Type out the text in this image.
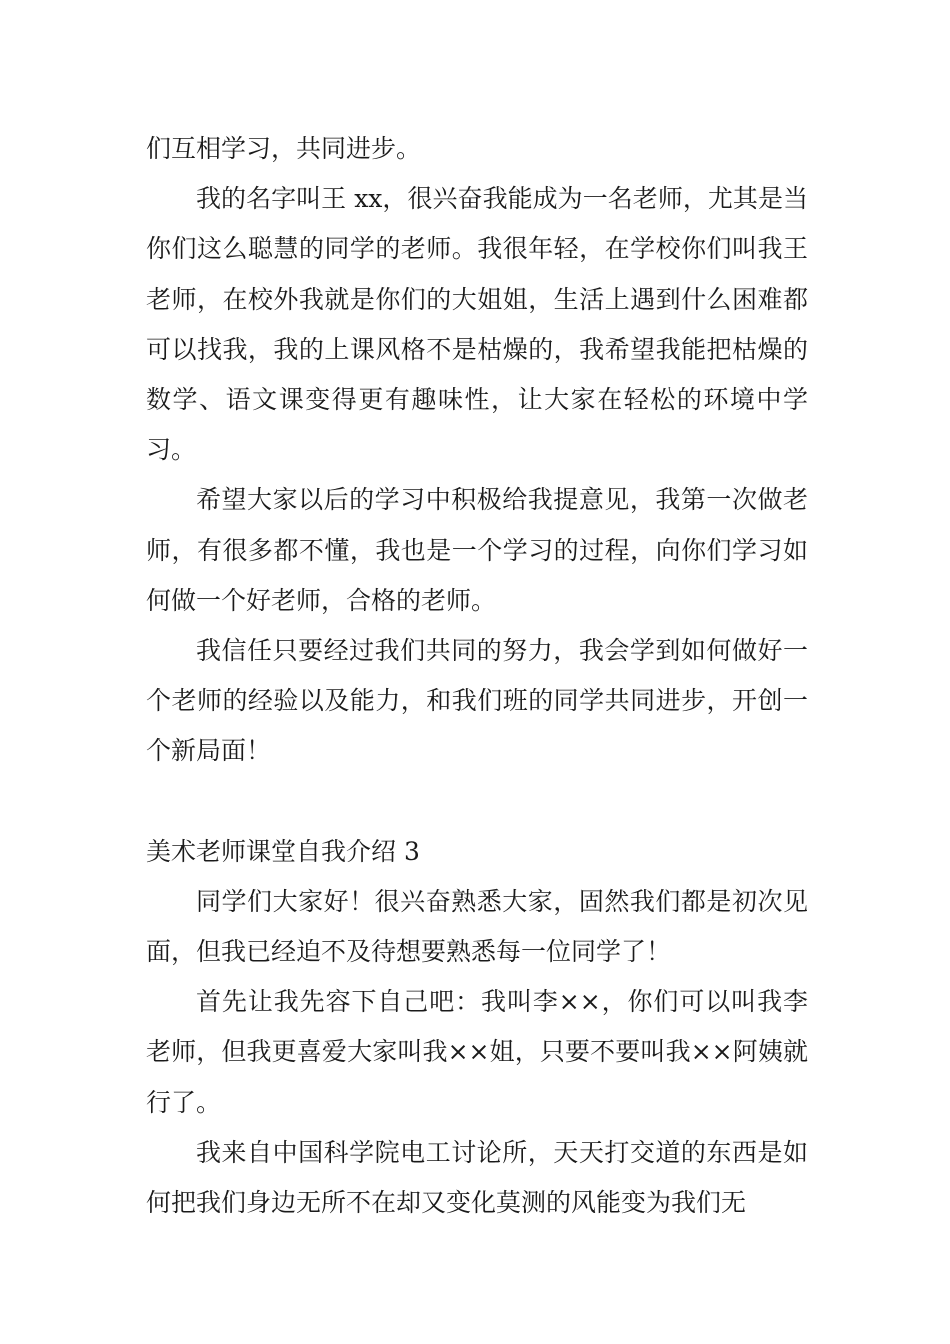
们互相学习，共同进步。

我的名字叫王 xx，很兴奋我能成为一名老师，尤其是当你们这么聪慧的同学的老师。我很年轻，在学校你们叫我王老师，在校外我就是你们的大姐姐，生活上遇到什么困难都可以找我，我的上课风格不是枯燥的，我希望我能把枯燥的数学、语文课变得更有趣味性，让大家在轻松的环境中学习。

希望大家以后的学习中积极给我提意见，我第一次做老师，有很多都不懂，我也是一个学习的过程，向你们学习如何做一个好老师，合格的老师。

我信任只要经过我们共同的努力，我会学到如何做好一个老师的经验以及能力，和我们班的同学共同进步，开创一个新局面！

美术老师课堂自我介绍 3

同学们大家好！很兴奋熟悉大家，固然我们都是初次见面，但我已经迫不及待想要熟悉每一位同学了！

首先让我先容下自己吧：我叫李××，你们可以叫我李老师，但我更喜爱大家叫我××姐，只要不要叫我××阿姨就行了。

我来自中国科学院电工讨论所，天天打交道的东西是如何把我们身边无所不在却又变化莫测的风能变为我们无
